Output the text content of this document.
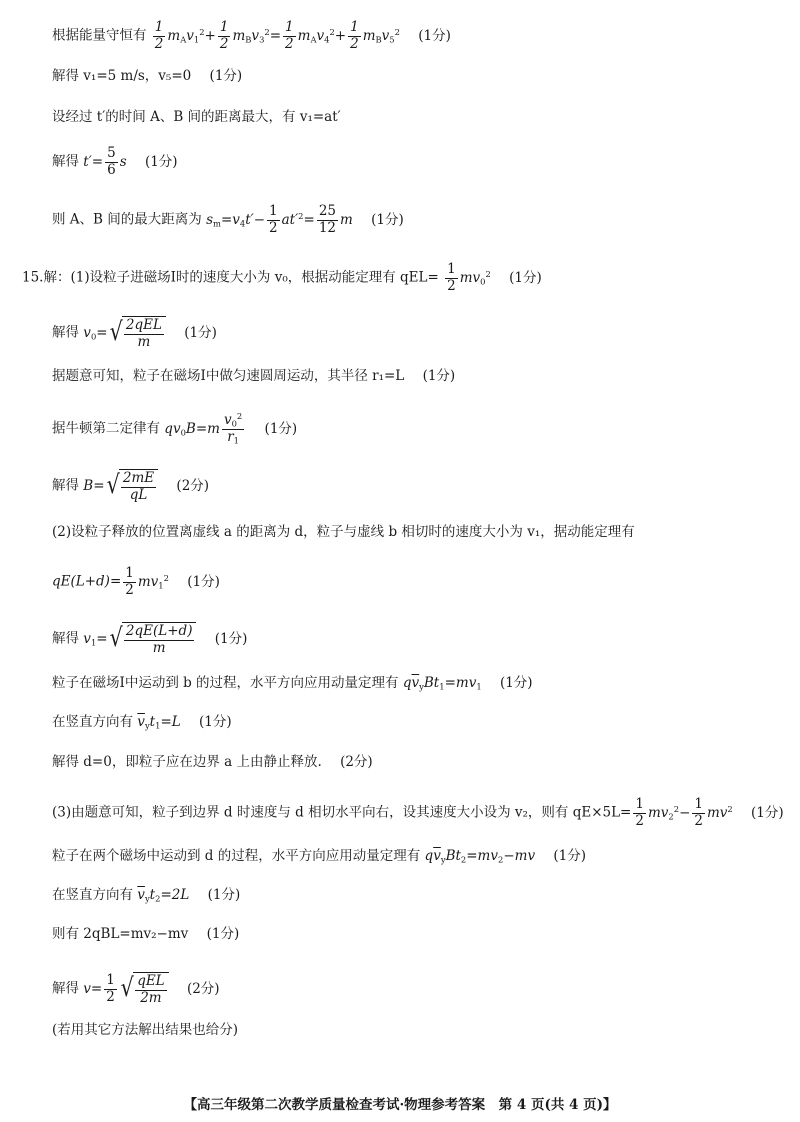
根据能量守恒有 $\frac{1}{2} m_Av_1^2+ \frac{1}{2} m_Bv_3^2= \frac{1}{2} m_Av_4^2+ \frac{1}{2} m_Bv_5^2$ (1分)
解得 v₁=5 m/s，v₅=0 (1分)
设经过 t′的时间 A、B 间的距离最大，有 v₁=at′
解得 $t'= \frac{5}{6}$ s (1分)
则 A、B 间的最大距离为 $s_m=v_4t'- \frac{1}{2} at'^2= \frac{25}{12}$ m (1分)
15.解：(1)设粒子进磁场Ⅰ时的速度大小为 v₀，根据动能定理有 $qEL= \frac{1}{2} mv_0^2$ (1分)
解得 $v_0=√ \frac{\text{2qEL}}{m} (1$分)
据题意可知，粒子在磁场Ⅰ中做匀速圆周运动，其半径 r₁=L (1分)
据牛顿第二定律有 $qv_0B=m \frac{v_0^2}{r_1} (1$分)
解得 $B=√ \frac{2mE}{qL} (2$分)
(2)设粒子释放的位置离虚线 a 的距离为 d，粒子与虚线 b 相切时的速度大小为 v₁，据动能定理有
$qE(L+d)= \frac{1}{2} mv_1^2$ (1分)
解得 $v_1=√ \frac{2qE(L+d)}{m} (1$分)
粒子在磁场Ⅰ中运动到 b 的过程，水平方向应用动量定理有 $q\overline{v}_yBt_1=mv_1$ (1分)
在竖直方向有 $\overline{v}_yt_1=L$ (1分)
解得 d=0，即粒子应在边界 a 上由静止释放. (2分)
(3)由题意可知，粒子到边界 d 时速度与 d 相切水平向右，设其速度大小设为 v₂，则有 $qE\times 5L= \frac{1}{2} mv_2^2- \frac{1}{2} mv^2$ (1分)
粒子在两个磁场中运动到 d 的过程，水平方向应用动量定理有 $q\overline{v}_yBt_2=mv_2-mv$ (1分)
在竖直方向有 $\overline{v}_yt_2=2L$ (1分)
则有 2qBL=mv₂−mv (1分)
解得 $v= \frac{1}{2}$ √ $\frac{\text{qEL}}{2m} (2$分)
(若用其它方法解出结果也给分)
【高三年级第二次教学质量检查考试·物理参考答案　第 4 页(共 4 页)】
